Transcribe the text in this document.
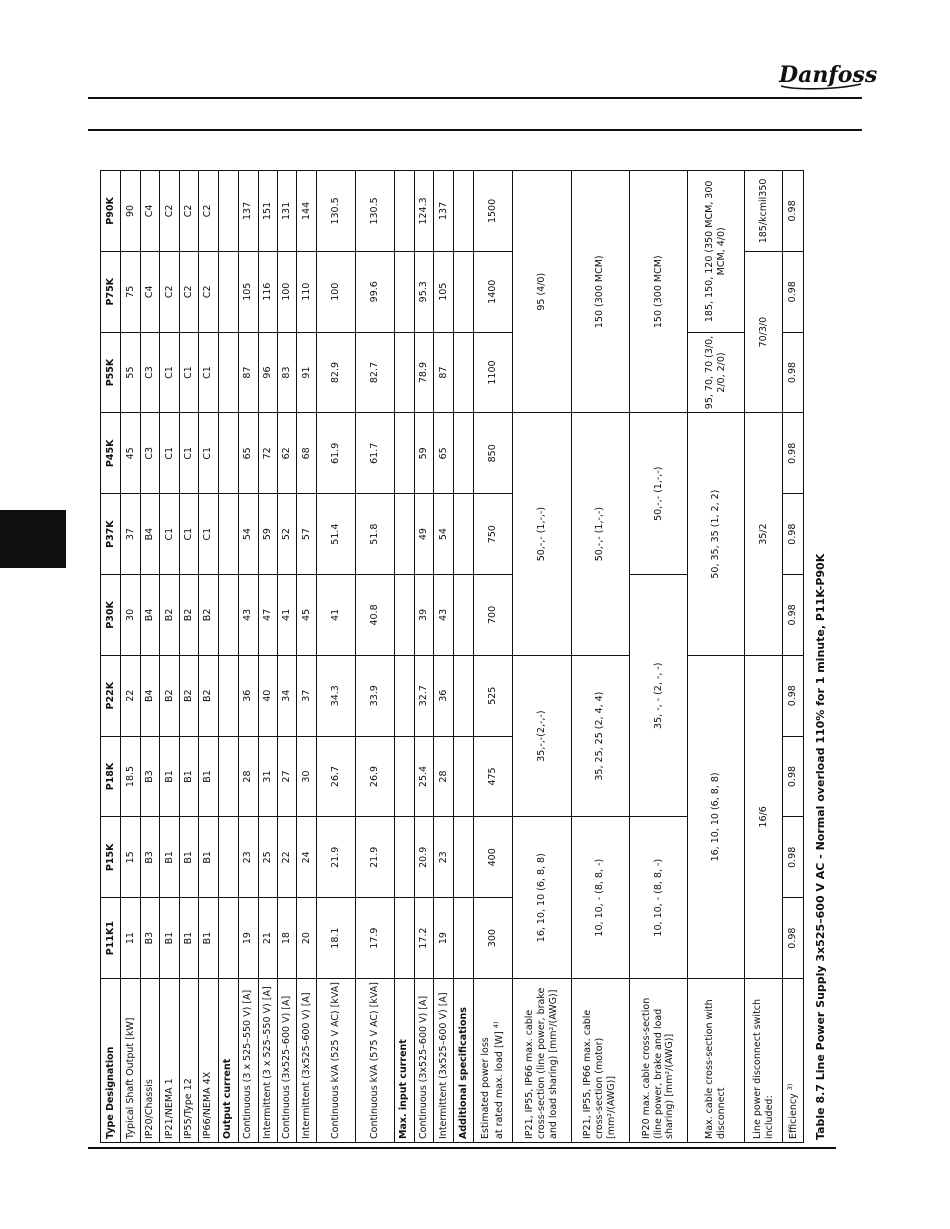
Danfoss
Type Designation	P11K1	P15K	P18K	P22K	P30K	P37K	P45K	P55K	P75K	P90K
Typical Shaft Output [kW]	11	15	18.5	22	30	37	45	55	75	90
IP20/Chassis	B3	B3	B3	B4	B4	B4	C3	C3	C4	C4
IP21/NEMA 1	B1	B1	B1	B2	B2	C1	C1	C1	C2	C2
IP55/Type 12	B1	B1	B1	B2	B2	C1	C1	C1	C2	C2
IP66/NEMA 4X	B1	B1	B1	B2	B2	C1	C1	C1	C2	C2
Output current										
Continuous (3 x 525–550 V) [A]	19	23	28	36	43	54	65	87	105	137
Intermittent (3 x 525–550 V) [A]	21	25	31	40	47	59	72	96	116	151
Continuous (3x525–600 V) [A]	18	22	27	34	41	52	62	83	100	131
Intermittent (3x525–600 V) [A]	20	24	30	37	45	57	68	91	110	144
Continuous kVA (525 V AC) [kVA]	18.1	21.9	26.7	34.3	41	51.4	61.9	82.9	100	130.5
Continuous kVA (575 V AC) [kVA]	17.9	21.9	26.9	33.9	40.8	51.8	61.7	82.7	99.6	130.5
Max. input current										
Continuous (3x525–600 V) [A]	17.2	20.9	25.4	32.7	39	49	59	78.9	95.3	124.3
Intermittent (3x525–600 V) [A]	19	23	28	36	43	54	65	87	105	137
Additional specifications										
Estimated power loss at rated max. load [W] $^{4)}$	300	400	475	525	700	750	850	1100	1400	1500
IP21, IP55, IP66 max. cable cross-section (line power, brake and load sharing) [mm²/(AWG)]	16, 10, 10 (6, 8, 8)		35,-,-(2,-,-)		50,-,- (1,-,-)			95 (4/0)		
IP21, IP55, IP66 max. cable cross-section (motor) [mm²/(AWG)]	10, 10, - (8, 8, -)		35, 25, 25 (2, 4, 4)		50,-,- (1,-,-)			150 (300 MCM)		
IP20 max. cable cross-section (line power, brake and load sharing) [mm²/(AWG)]	10, 10, - (8, 8, -)		35, -, - (2, -, -)			50,-,- (1,-,-)		150 (300 MCM)		
Max. cable cross-section with disconnect	16, 10, 10 (6, 8, 8)				50, 35, 35 (1, 2, 2)			95, 70, 70 (3/0, 2/0, 2/0)	185, 150, 120 (350 MCM, 300 MCM, 4/0)	
Line power disconnect switch included:	16/6				35/2			70/3/0		185/kcmil350
Efficiency $^{3)}$	0.98	0.98	0.98	0.98	0.98	0.98	0.98	0.98	0.98	0.98
Table 8.7 Line Power Supply 3x525–600 V AC - Normal overload 110% for 1 minute, P11K-P90K
